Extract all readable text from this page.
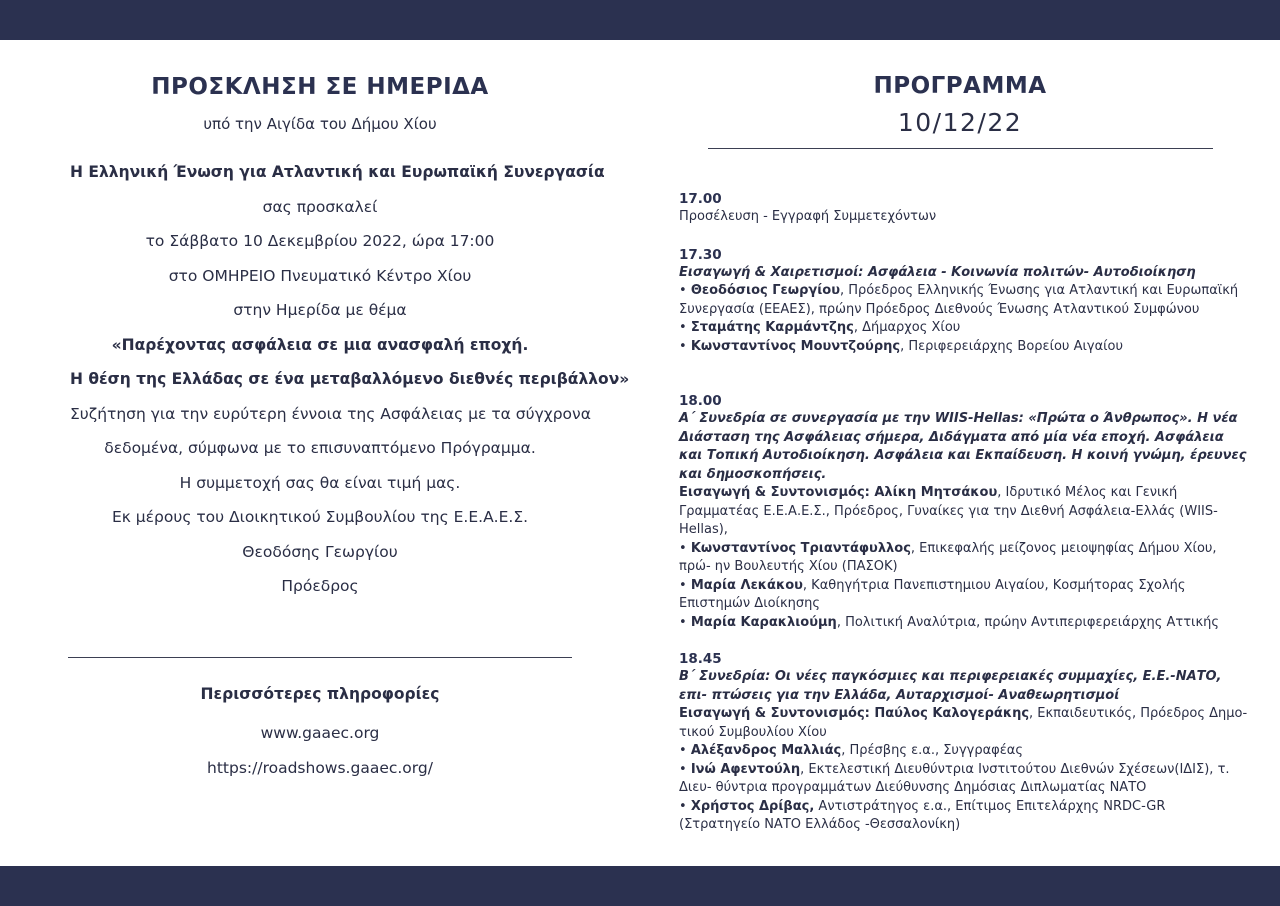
ΠΡΟΣΚΛΗΣΗ ΣΕ ΗΜΕΡΙΔΑ
υπό την Αιγίδα του Δήμου Χίου
Η Ελληνική Ένωση για Ατλαντική και Ευρωπαϊκή Συνεργασία
σας προσκαλεί
το Σάββατο 10 Δεκεμβρίου 2022, ώρα 17:00
στο ΟΜΗΡΕΙΟ Πνευματικό Κέντρο Χίου
στην Ημερίδα με θέμα
«Παρέχοντας ασφάλεια σε μια ανασφαλή εποχή.
Η θέση της Ελλάδας σε ένα μεταβαλλόμενο διεθνές περιβάλλον»
Συζήτηση για την ευρύτερη έννοια της Ασφάλειας με τα σύγχρονα
δεδομένα, σύμφωνα με το επισυναπτόμενο Πρόγραμμα.
Η συμμετοχή σας θα είναι τιμή μας.
Εκ μέρους του Διοικητικού Συμβουλίου της Ε.Ε.Α.Ε.Σ.
Θεοδόσης Γεωργίου
Πρόεδρος
Περισσότερες πληροφορίες
www.gaaec.org
https://roadshows.gaaec.org/
ΠΡΟΓΡΑΜΜΑ
10/12/22
17.00
Προσέλευση - Εγγραφή Συμμετεχόντων
17.30
Εισαγωγή & Χαιρετισμοί: Ασφάλεια - Κοινωνία πολιτών- Αυτοδιοίκηση
• Θεοδόσιος Γεωργίου, Πρόεδρος Ελληνικής Ένωσης για Ατλαντική και Ευρωπαϊκή Συνεργασία (ΕΕΑΕΣ), πρώην Πρόεδρος Διεθνούς Ένωσης Ατλαντικού Συμφώνου
• Σταμάτης Καρμάντζης, Δήμαρχος Χίου
• Κωνσταντίνος Μουντζούρης, Περιφερειάρχης Βορείου Αιγαίου
18.00
Α΄ Συνεδρία σε συνεργασία με την WIIS-Hellas: «Πρώτα ο Άνθρωπος». Η νέα Διάσταση της Ασφάλειας σήμερα, Διδάγματα από μία νέα εποχή. Ασφάλεια και Τοπική Αυτοδιοίκηση. Ασφάλεια και Εκπαίδευση. Η κοινή γνώμη, έρευνες και δημοσκοπήσεις.
Εισαγωγή & Συντονισμός: Αλίκη Μητσάκου, Ιδρυτικό Μέλος και Γενική Γραμματέας Ε.Ε.Α.Ε.Σ., Πρόεδρος, Γυναίκες για την Διεθνή Ασφάλεια-Ελλάς (WIIS-Hellas),
• Κωνσταντίνος Τριαντάφυλλος, Επικεφαλής μείζονος μειοψηφίας Δήμου Χίου, πρώ- ην Βουλευτής Χίου (ΠΑΣΟΚ)
• Μαρία Λεκάκου, Καθηγήτρια Πανεπιστημιου Αιγαίου, Κοσμήτορας Σχολής Επιστημών Διοίκησης
• Μαρία Καρακλιούμη, Πολιτική Αναλύτρια, πρώην Αντιπεριφερειάρχης Αττικής
18.45
Β΄ Συνεδρία: Οι νέες παγκόσμιες και περιφερειακές συμμαχίες, Ε.Ε.-ΝΑΤΟ, επι- πτώσεις για την Ελλάδα, Αυταρχισμοί- Αναθεωρητισμοί
Εισαγωγή & Συντονισμός: Παύλος Καλογεράκης, Εκπαιδευτικός, Πρόεδρος Δημο- τικού Συμβουλίου Χίου
• Αλέξανδρος Μαλλιάς, Πρέσβης ε.α., Συγγραφέας
• Ινώ Αφεντούλη, Εκτελεστική Διευθύντρια Ινστιτούτου Διεθνών Σχέσεων(ΙΔΙΣ), τ. Διευ- θύντρια προγραμμάτων Διεύθυνσης Δημόσιας Διπλωματίας ΝΑΤΟ
• Χρήστος Δρίβας, Αντιστράτηγος ε.α., Επίτιμος Επιτελάρχης NRDC-GR (Στρατηγείο ΝΑΤΟ Ελλάδος -Θεσσαλονίκη)
